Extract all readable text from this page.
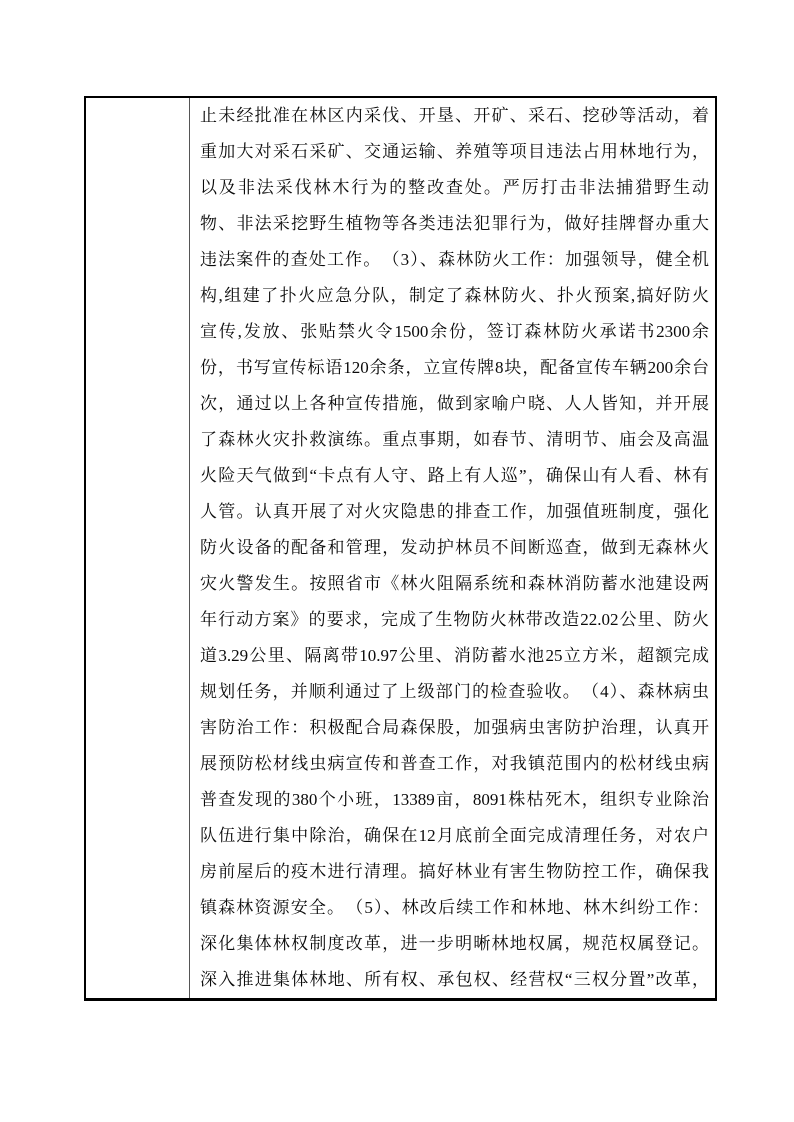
止未经批准在林区内采伐、开垦、开矿、采石、挖砂等活动，着
重加大对采石采矿、交通运输、养殖等项目违法占用林地行为，
以及非法采伐林木行为的整改查处。严厉打击非法捕猎野生动
物、非法采挖野生植物等各类违法犯罪行为，做好挂牌督办重大
违法案件的查处工作。　（3）、森林防火工作：加强领导，健全机
构,组建了扑火应急分队，制定了森林防火、扑火预案,搞好防火
宣传,发放、张贴禁火令1500余份，签订森林防火承诺书2300余
份，书写宣传标语120余条，立宣传牌8块，配备宣传车辆200余台
次，通过以上各种宣传措施，做到家喻户晓、人人皆知，并开展
了森林火灾扑救演练。重点事期，如春节、清明节、庙会及高温
火险天气做到“卡点有人守、路上有人巡”，确保山有人看、林有
人管。认真开展了对火灾隐患的排查工作，加强值班制度，强化
防火设备的配备和管理，发动护林员不间断巡查，做到无森林火
灾火警发生。按照省市《林火阻隔系统和森林消防蓄水池建设两
年行动方案》的要求，完成了生物防火林带改造22.02公里、防火
道3.29公里、隔离带10.97公里、消防蓄水池25立方米，超额完成
规划任务，并顺利通过了上级部门的检查验收。　（4）、森林病虫
害防治工作：积极配合局森保股，加强病虫害防护治理，认真开
展预防松材线虫病宣传和普查工作，对我镇范围内的松材线虫病
普查发现的380个小班，13389亩，8091株枯死木，组织专业除治
队伍进行集中除治，确保在12月底前全面完成清理任务，对农户
房前屋后的疫木进行清理。搞好林业有害生物防控工作，确保我
镇森林资源安全。　（5）、林改后续工作和林地、林木纠纷工作：
深化集体林权制度改革，进一步明晰林地权属，规范权属登记。
深入推进集体林地、所有权、承包权、经营权“三权分置”改革，
